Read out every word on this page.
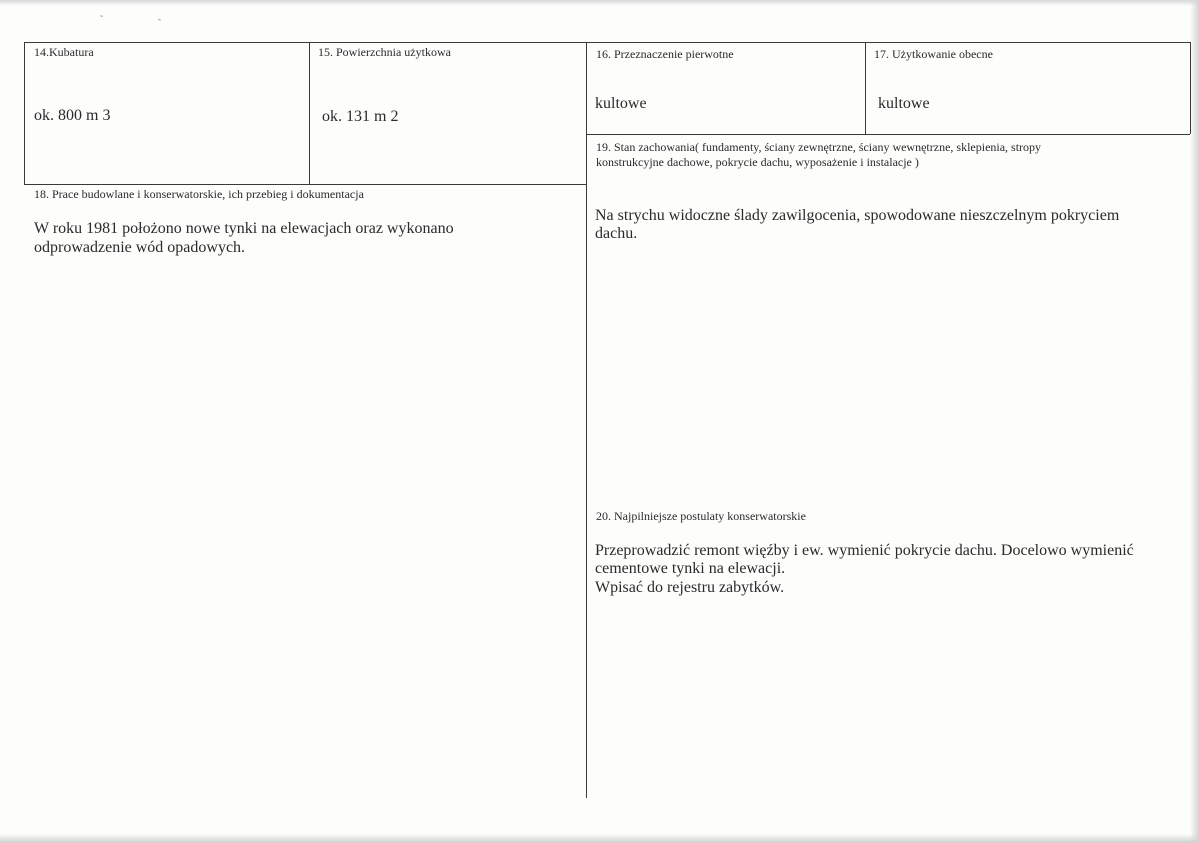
˜	-
14.Kubatura
ok. 800 m 3
15. Powierzchnia użytkowa
ok. 131 m 2
16. Przeznaczenie pierwotne
kultowe
17. Użytkowanie obecne
kultowe
19. Stan zachowania( fundamenty, ściany zewnętrzne, ściany wewnętrzne, sklepienia, stropy
konstrukcyjne dachowe, pokrycie dachu, wyposażenie i instalacje )
Na strychu widoczne ślady zawilgocenia, spowodowane nieszczelnym pokryciem
dachu.
18. Prace budowlane i konserwatorskie, ich przebieg i dokumentacja
W roku 1981 położono nowe tynki na elewacjach oraz wykonano
odprowadzenie wód opadowych.
20. Najpilniejsze postulaty konserwatorskie
Przeprowadzić remont więźby i ew. wymienić pokrycie dachu. Docelowo wymienić
cementowe tynki na elewacji.
Wpisać do rejestru zabytków.
